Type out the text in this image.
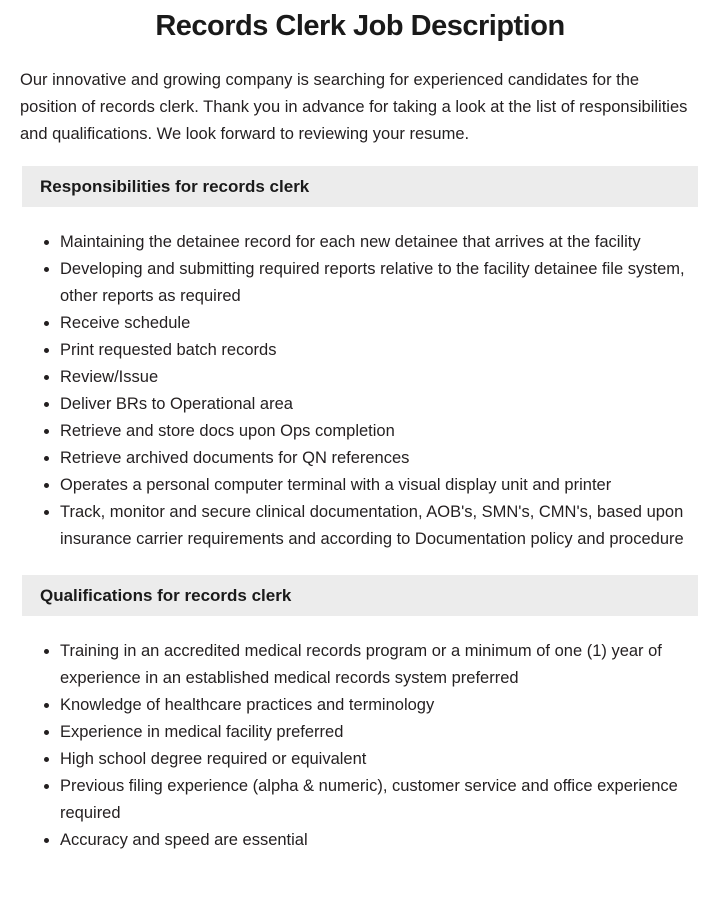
Records Clerk Job Description

Our innovative and growing company is searching for experienced candidates for the position of records clerk. Thank you in advance for taking a look at the list of responsibilities and qualifications. We look forward to reviewing your resume.

Responsibilities for records clerk
• Maintaining the detainee record for each new detainee that arrives at the facility
• Developing and submitting required reports relative to the facility detainee file system, other reports as required
• Receive schedule
• Print requested batch records
• Review/Issue
• Deliver BRs to Operational area
• Retrieve and store docs upon Ops completion
• Retrieve archived documents for QN references
• Operates a personal computer terminal with a visual display unit and printer
• Track, monitor and secure clinical documentation, AOB's, SMN's, CMN's, based upon insurance carrier requirements and according to Documentation policy and procedure
Qualifications for records clerk
• Training in an accredited medical records program or a minimum of one (1) year of experience in an established medical records system preferred
• Knowledge of healthcare practices and terminology
• Experience in medical facility preferred
• High school degree required or equivalent
• Previous filing experience (alpha & numeric), customer service and office experience required
• Accuracy and speed are essential
